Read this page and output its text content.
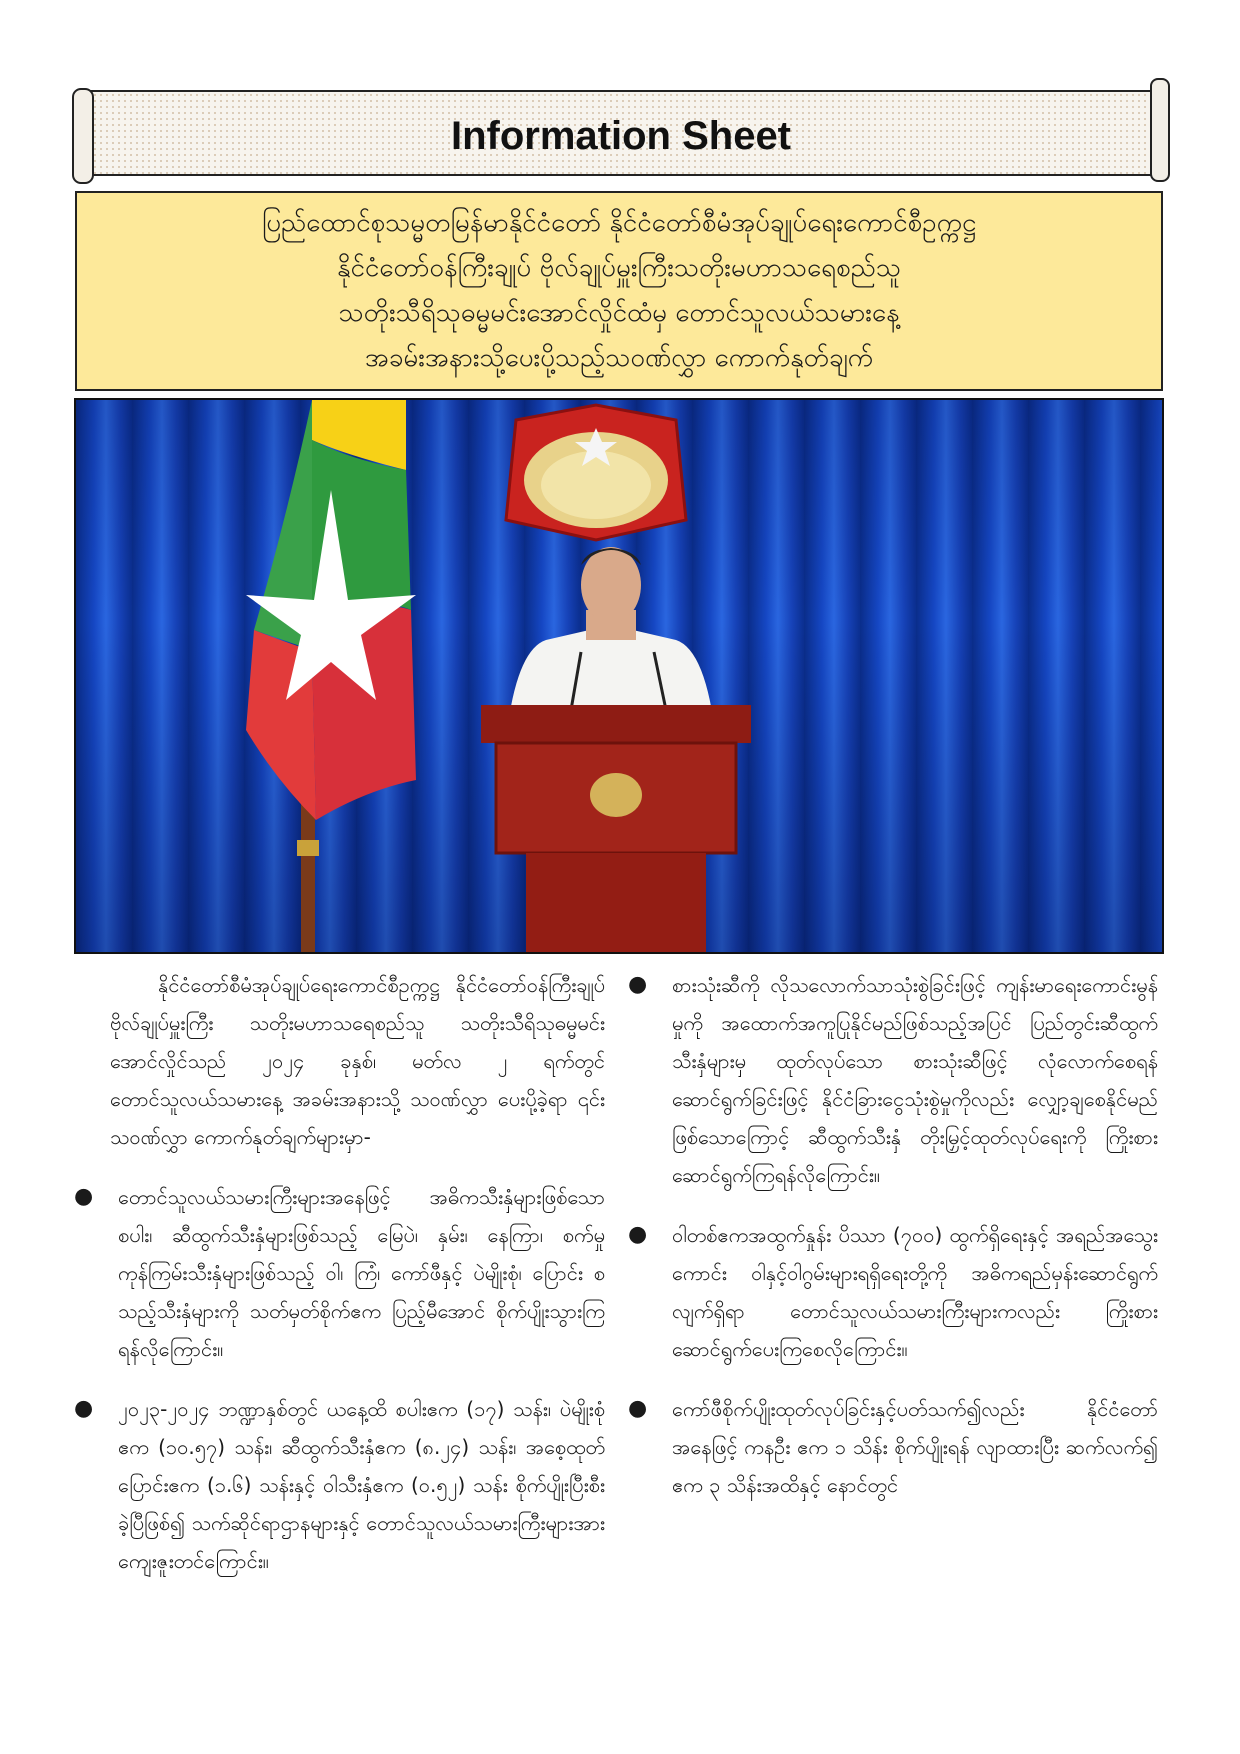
Information Sheet
ပြည်ထောင်စုသမ္မတမြန်မာနိုင်ငံတော် နိုင်ငံတော်စီမံအုပ်ချုပ်ရေးကောင်စီဥက္ကဋ္ဌ
နိုင်ငံတော်ဝန်ကြီးချုပ် ဗိုလ်ချုပ်မှူးကြီးသတိုးမဟာသရေစည်သူ
သတိုးသီရိသုဓမ္မမင်းအောင်လှိုင်ထံမှ တောင်သူလယ်သမားနေ့
အခမ်းအနားသို့ပေးပို့သည့်သဝဏ်လွှာ ကောက်နုတ်ချက်

နိုင်ငံတော်စီမံအုပ်ချုပ်ရေးကောင်စီဥက္ကဋ္ဌ နိုင်ငံတော်ဝန်ကြီးချုပ် ဗိုလ်ချုပ်မှူးကြီး သတိုးမဟာသရေစည်သူ သတိုးသီရိသုဓမ္မမင်းအောင်လှိုင်သည် ၂၀၂၄ ခုနှစ်၊ မတ်လ ၂ ရက်တွင် တောင်သူလယ်သမားနေ့ အခမ်းအနားသို့ သဝဏ်လွှာ ပေးပို့ခဲ့ရာ ၎င်းသဝဏ်လွှာ ကောက်နုတ်ချက်များမှာ-

● တောင်သူလယ်သမားကြီးများအနေဖြင့် အဓိကသီးနှံများဖြစ်သော စပါး၊ ဆီထွက်သီးနှံများဖြစ်သည့် မြေပဲ၊ နှမ်း၊ နေကြာ၊ စက်မှုကုန်ကြမ်းသီးနှံများဖြစ်သည့် ဝါ၊ ကြံ၊ ကော်ဖီနှင့် ပဲမျိုးစုံ၊ ပြောင်း စသည့်သီးနှံများကို သတ်မှတ်စိုက်ဧက ပြည့်မီအောင် စိုက်ပျိုးသွားကြရန်လိုကြောင်း။

● ၂၀၂၃-၂၀၂၄ ဘဏ္ဍာနှစ်တွင် ယနေ့ထိ စပါးဧက (၁၇) သန်း၊ ပဲမျိုးစုံဧက (၁၀.၅၇) သန်း၊ ဆီထွက်သီးနှံဧက (၈.၂၄) သန်း၊ အစေ့ထုတ်ပြောင်းဧက (၁.၆) သန်းနှင့် ဝါသီးနှံဧက (၀.၅၂) သန်း စိုက်ပျိုးပြီးစီးခဲ့ပြီဖြစ်၍ သက်ဆိုင်ရာဌာနများနှင့် တောင်သူလယ်သမားကြီးများအား ကျေးဇူးတင်ကြောင်း။

● စားသုံးဆီကို လိုသလောက်သာသုံးစွဲခြင်းဖြင့် ကျန်းမာရေးကောင်းမွန်မှုကို အထောက်အကူပြုနိုင်မည်ဖြစ်သည့်အပြင် ပြည်တွင်းဆီထွက်သီးနှံများမှ ထုတ်လုပ်သော စားသုံးဆီဖြင့် လုံလောက်စေရန်ဆောင်ရွက်ခြင်းဖြင့် နိုင်ငံခြားငွေသုံးစွဲမှုကိုလည်း လျှော့ချစေနိုင်မည်ဖြစ်သောကြောင့် ဆီထွက်သီးနှံ တိုးမြှင့်ထုတ်လုပ်ရေးကို ကြိုးစားဆောင်ရွက်ကြရန်လိုကြောင်း။

● ဝါတစ်ဧကအထွက်နှုန်း ပိဿာ (၇၀၀) ထွက်ရှိရေးနှင့် အရည်အသွေးကောင်း ဝါနှင့်ဝါဂွမ်းများရရှိရေးတို့ကို အဓိကရည်မှန်းဆောင်ရွက်လျက်ရှိရာ တောင်သူလယ်သမားကြီးများကလည်း ကြိုးစားဆောင်ရွက်ပေးကြစေလိုကြောင်း။

● ကော်ဖီစိုက်ပျိုးထုတ်လုပ်ခြင်းနှင့်ပတ်သက်၍လည်း နိုင်ငံတော်အနေဖြင့် ကနဦး ဧက ၁ သိန်း စိုက်ပျိုးရန် လျာထားပြီး ဆက်လက်၍ ဧက ၃ သိန်းအထိနှင့် နောင်တွင်
